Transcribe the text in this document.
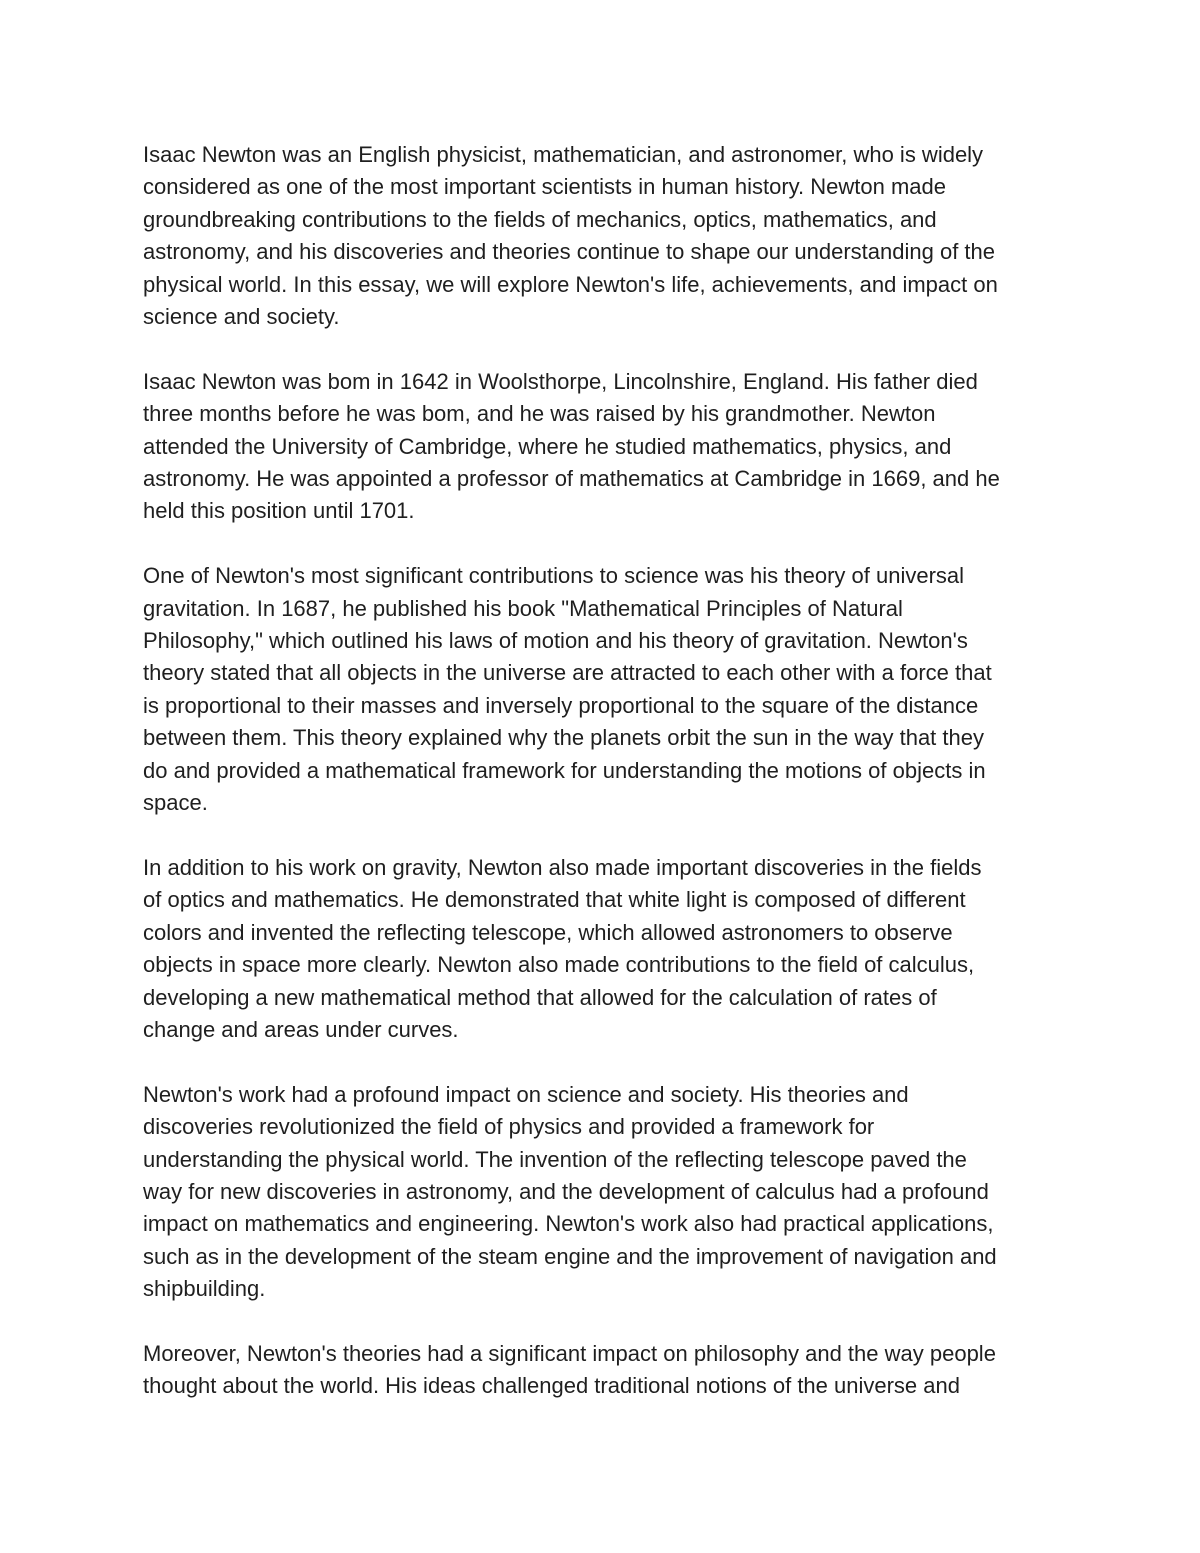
Isaac Newton was an English physicist, mathematician, and astronomer, who is widely
considered as one of the most important scientists in human history. Newton made
groundbreaking contributions to the fields of mechanics, optics, mathematics, and
astronomy, and his discoveries and theories continue to shape our understanding of the
physical world. In this essay, we will explore Newton's life, achievements, and impact on
science and society.

Isaac Newton was bom in 1642 in Woolsthorpe, Lincolnshire, England. His father died
three months before he was bom, and he was raised by his grandmother. Newton
attended the University of Cambridge, where he studied mathematics, physics, and
astronomy. He was appointed a professor of mathematics at Cambridge in 1669, and he
held this position until 1701.

One of Newton's most significant contributions to science was his theory of universal
gravitation. In 1687, he published his book "Mathematical Principles of Natural
Philosophy," which outlined his laws of motion and his theory of gravitation. Newton's
theory stated that all objects in the universe are attracted to each other with a force that
is proportional to their masses and inversely proportional to the square of the distance
between them. This theory explained why the planets orbit the sun in the way that they
do and provided a mathematical framework for understanding the motions of objects in
space.

In addition to his work on gravity, Newton also made important discoveries in the fields
of optics and mathematics. He demonstrated that white light is composed of different
colors and invented the reflecting telescope, which allowed astronomers to observe
objects in space more clearly. Newton also made contributions to the field of calculus,
developing a new mathematical method that allowed for the calculation of rates of
change and areas under curves.

Newton's work had a profound impact on science and society. His theories and
discoveries revolutionized the field of physics and provided a framework for
understanding the physical world. The invention of the reflecting telescope paved the
way for new discoveries in astronomy, and the development of calculus had a profound
impact on mathematics and engineering. Newton's work also had practical applications,
such as in the development of the steam engine and the improvement of navigation and
shipbuilding.

Moreover, Newton's theories had a significant impact on philosophy and the way people
thought about the world. His ideas challenged traditional notions of the universe and
